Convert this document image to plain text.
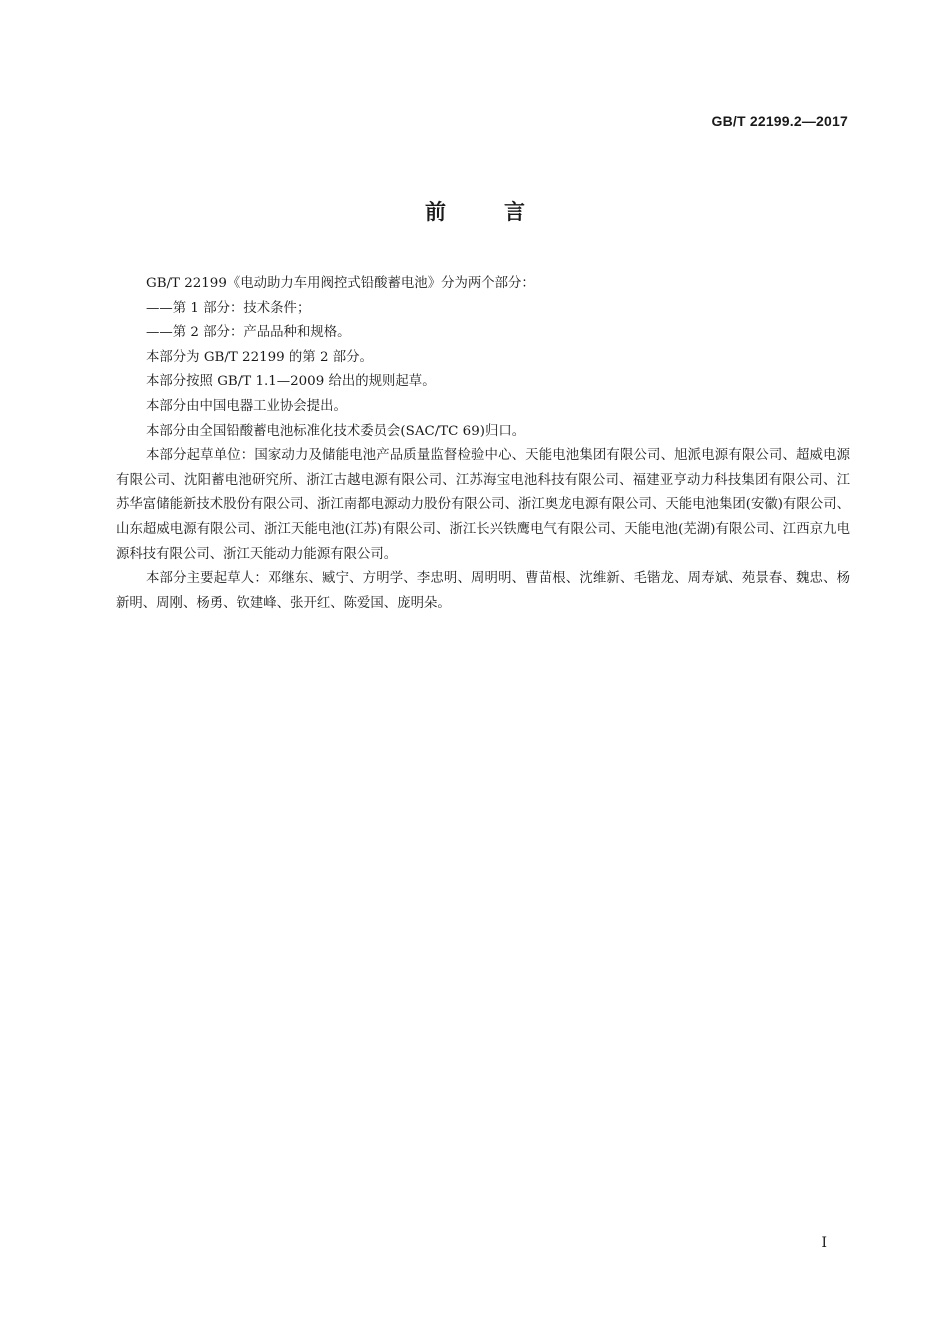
GB/T 22199.2—2017
前言

GB/T 22199《电动助力车用阀控式铅酸蓄电池》分为两个部分：

——第 1 部分：技术条件；

——第 2 部分：产品品种和规格。

本部分为 GB/T 22199 的第 2 部分。

本部分按照 GB/T 1.1—2009 给出的规则起草。

本部分由中国电器工业协会提出。

本部分由全国铅酸蓄电池标准化技术委员会(SAC/TC 69)归口。

本部分起草单位：国家动力及储能电池产品质量监督检验中心、天能电池集团有限公司、旭派电源有限公司、超威电源有限公司、沈阳蓄电池研究所、浙江古越电源有限公司、江苏海宝电池科技有限公司、福建亚亨动力科技集团有限公司、江苏华富储能新技术股份有限公司、浙江南都电源动力股份有限公司、浙江奥龙电源有限公司、天能电池集团(安徽)有限公司、山东超威电源有限公司、浙江天能电池(江苏)有限公司、浙江长兴铁鹰电气有限公司、天能电池(芜湖)有限公司、江西京九电源科技有限公司、浙江天能动力能源有限公司。

本部分主要起草人：邓继东、臧宁、方明学、李忠明、周明明、曹苗根、沈维新、毛锴龙、周寿斌、苑景春、魏忠、杨新明、周刚、杨勇、钦建峰、张开红、陈爱国、庞明朵。

I
